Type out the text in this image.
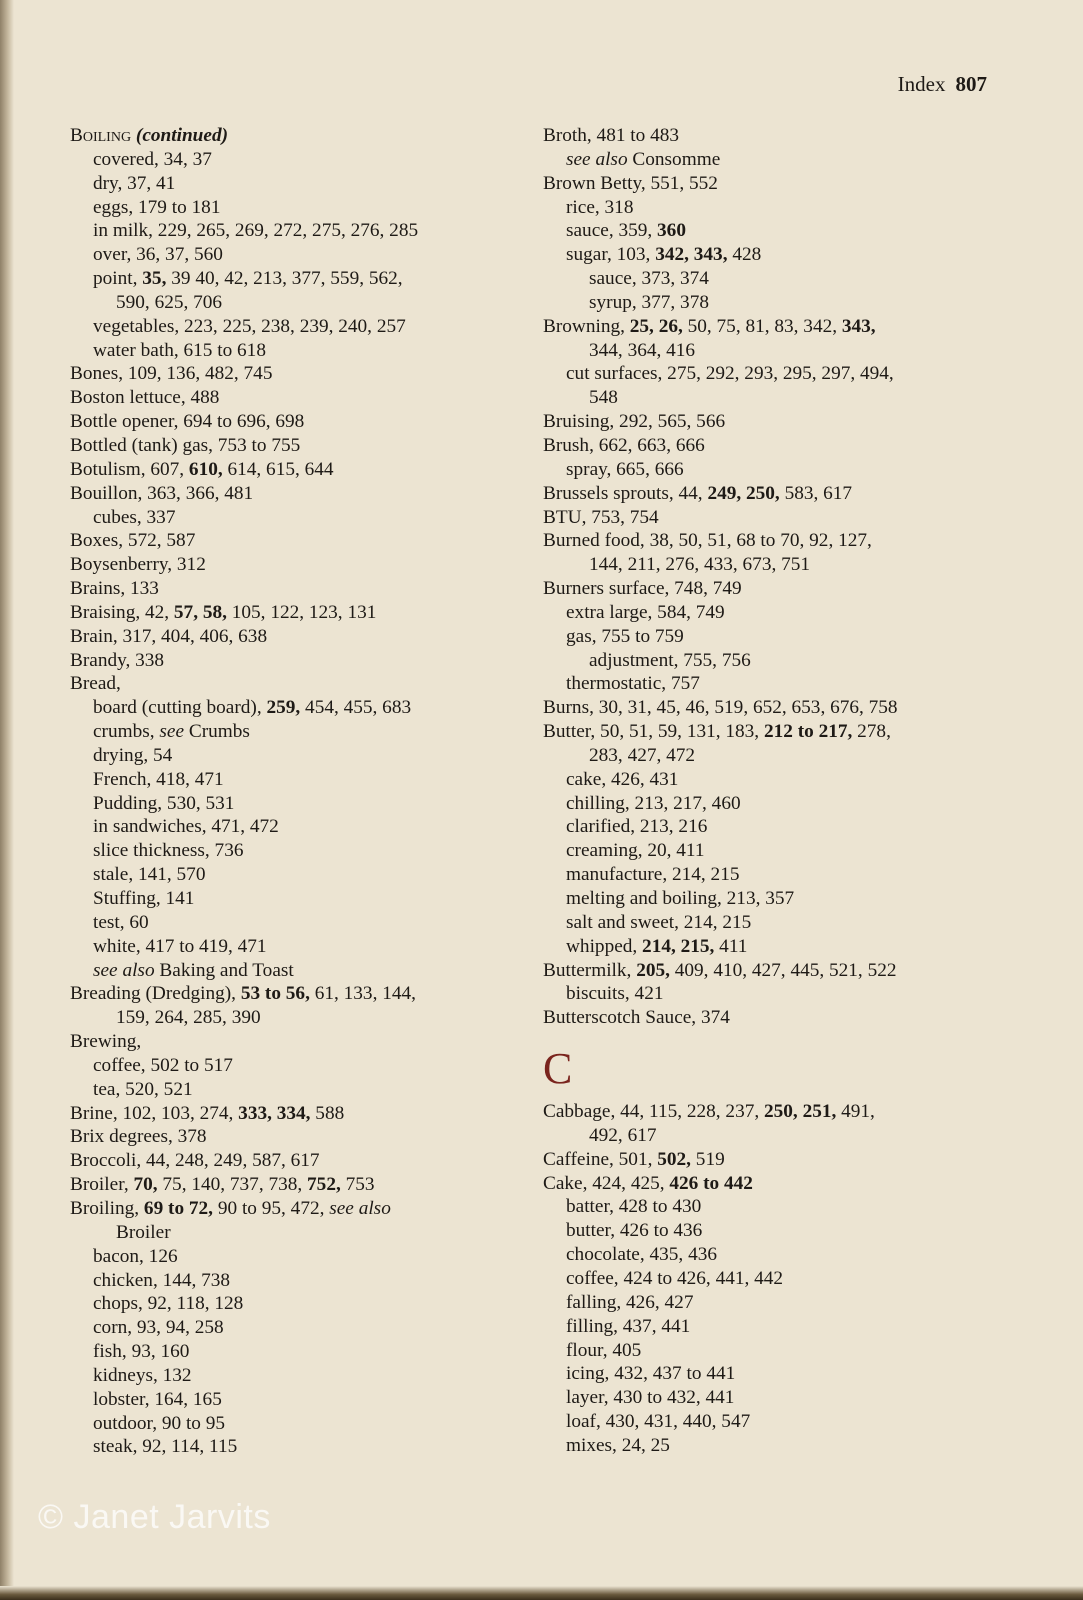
Index 807
Boiling (continued)
covered, 34, 37
dry, 37, 41
eggs, 179 to 181
in milk, 229, 265, 269, 272, 275, 276, 285
over, 36, 37, 560
point, 35, 39 40, 42, 213, 377, 559, 562,
590, 625, 706
vegetables, 223, 225, 238, 239, 240, 257
water bath, 615 to 618
Bones, 109, 136, 482, 745
Boston lettuce, 488
Bottle opener, 694 to 696, 698
Bottled (tank) gas, 753 to 755
Botulism, 607, 610, 614, 615, 644
Bouillon, 363, 366, 481
cubes, 337
Boxes, 572, 587
Boysenberry, 312
Brains, 133
Braising, 42, 57, 58, 105, 122, 123, 131
Brain, 317, 404, 406, 638
Brandy, 338
Bread,
board (cutting board), 259, 454, 455, 683
crumbs, see Crumbs
drying, 54
French, 418, 471
Pudding, 530, 531
in sandwiches, 471, 472
slice thickness, 736
stale, 141, 570
Stuffing, 141
test, 60
white, 417 to 419, 471
see also Baking and Toast
Breading (Dredging), 53 to 56, 61, 133, 144,
159, 264, 285, 390
Brewing,
coffee, 502 to 517
tea, 520, 521
Brine, 102, 103, 274, 333, 334, 588
Brix degrees, 378
Broccoli, 44, 248, 249, 587, 617
Broiler, 70, 75, 140, 737, 738, 752, 753
Broiling, 69 to 72, 90 to 95, 472, see also
Broiler
bacon, 126
chicken, 144, 738
chops, 92, 118, 128
corn, 93, 94, 258
fish, 93, 160
kidneys, 132
lobster, 164, 165
outdoor, 90 to 95
steak, 92, 114, 115
Broth, 481 to 483
see also Consomme
Brown Betty, 551, 552
rice, 318
sauce, 359, 360
sugar, 103, 342, 343, 428
sauce, 373, 374
syrup, 377, 378
Browning, 25, 26, 50, 75, 81, 83, 342, 343,
344, 364, 416
cut surfaces, 275, 292, 293, 295, 297, 494,
548
Bruising, 292, 565, 566
Brush, 662, 663, 666
spray, 665, 666
Brussels sprouts, 44, 249, 250, 583, 617
BTU, 753, 754
Burned food, 38, 50, 51, 68 to 70, 92, 127,
144, 211, 276, 433, 673, 751
Burners surface, 748, 749
extra large, 584, 749
gas, 755 to 759
adjustment, 755, 756
thermostatic, 757
Burns, 30, 31, 45, 46, 519, 652, 653, 676, 758
Butter, 50, 51, 59, 131, 183, 212 to 217, 278,
283, 427, 472
cake, 426, 431
chilling, 213, 217, 460
clarified, 213, 216
creaming, 20, 411
manufacture, 214, 215
melting and boiling, 213, 357
salt and sweet, 214, 215
whipped, 214, 215, 411
Buttermilk, 205, 409, 410, 427, 445, 521, 522
biscuits, 421
Butterscotch Sauce, 374
C
Cabbage, 44, 115, 228, 237, 250, 251, 491,
492, 617
Caffeine, 501, 502, 519
Cake, 424, 425, 426 to 442
batter, 428 to 430
butter, 426 to 436
chocolate, 435, 436
coffee, 424 to 426, 441, 442
falling, 426, 427
filling, 437, 441
flour, 405
icing, 432, 437 to 441
layer, 430 to 432, 441
loaf, 430, 431, 440, 547
mixes, 24, 25
© Janet Jarvits
